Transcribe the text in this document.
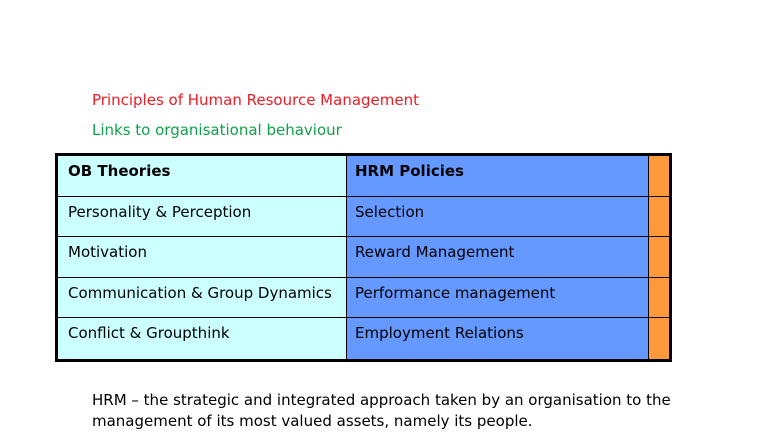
Principles of Human Resource Management
Links to organisational behaviour
OB Theories	HRM Policies
Personality & Perception	Selection
Motivation	Reward Management
Communication & Group Dynamics	Performance management
Conflict & Groupthink	Employment Relations
HRM – the strategic and integrated approach taken by an organisation to the management of its most valued assets, namely its people.
